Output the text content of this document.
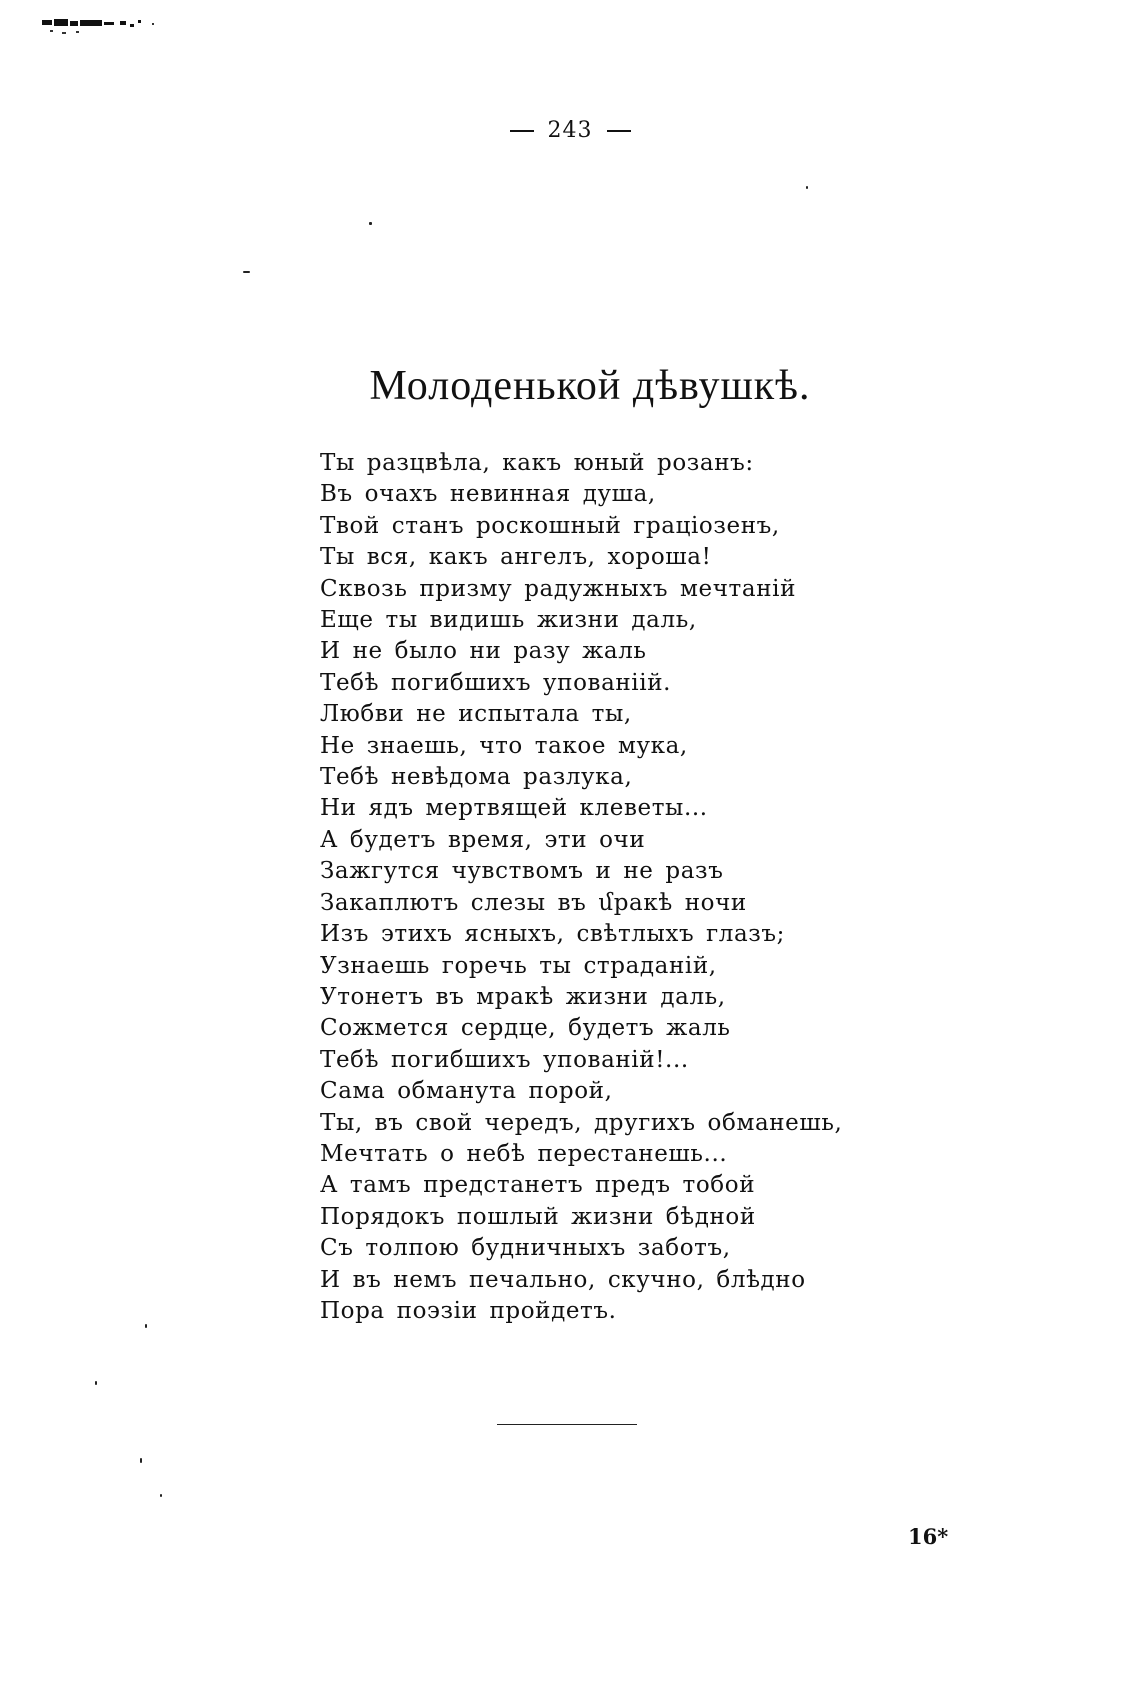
243
Молоденькой дѣвушкѣ.
Ты разцвѣла, какъ юный розанъ:
Въ очахъ невинная душа,
Твой станъ роскошный граціозенъ,
Ты вся, какъ ангелъ, хороша!
Сквозь призму радужныхъ мечтаній
Еще ты видишь жизни даль,
И не было ни разу жаль
Тебѣ погибшихъ упованіій.
Любви не испытала ты,
Не знаешь, что такое мука,
Тебѣ невѣдома разлука,
Ни ядъ мертвящей клеветы...
А будетъ время, эти очи
Зажгутся чувствомъ и не разъ
Закаплютъ слезы въ մракѣ ночи
Изъ этихъ ясныхъ, свѣтлыхъ глазъ;
Узнаешь горечь ты страданій,
Утонетъ въ мракѣ жизни даль,
Сожмется сердце, будетъ жаль
Тебѣ погибшихъ упованій!...
Сама обманута порой,
Ты, въ свой чередъ, другихъ обманешь,
Мечтать о небѣ перестанешь...
А тамъ предстанетъ предъ тобой
Порядокъ пошлый жизни бѣдной
Съ толпою будничныхъ заботъ,
И въ немъ печально, скучно, блѣдно
Пора поэзіи пройдетъ.
16*
